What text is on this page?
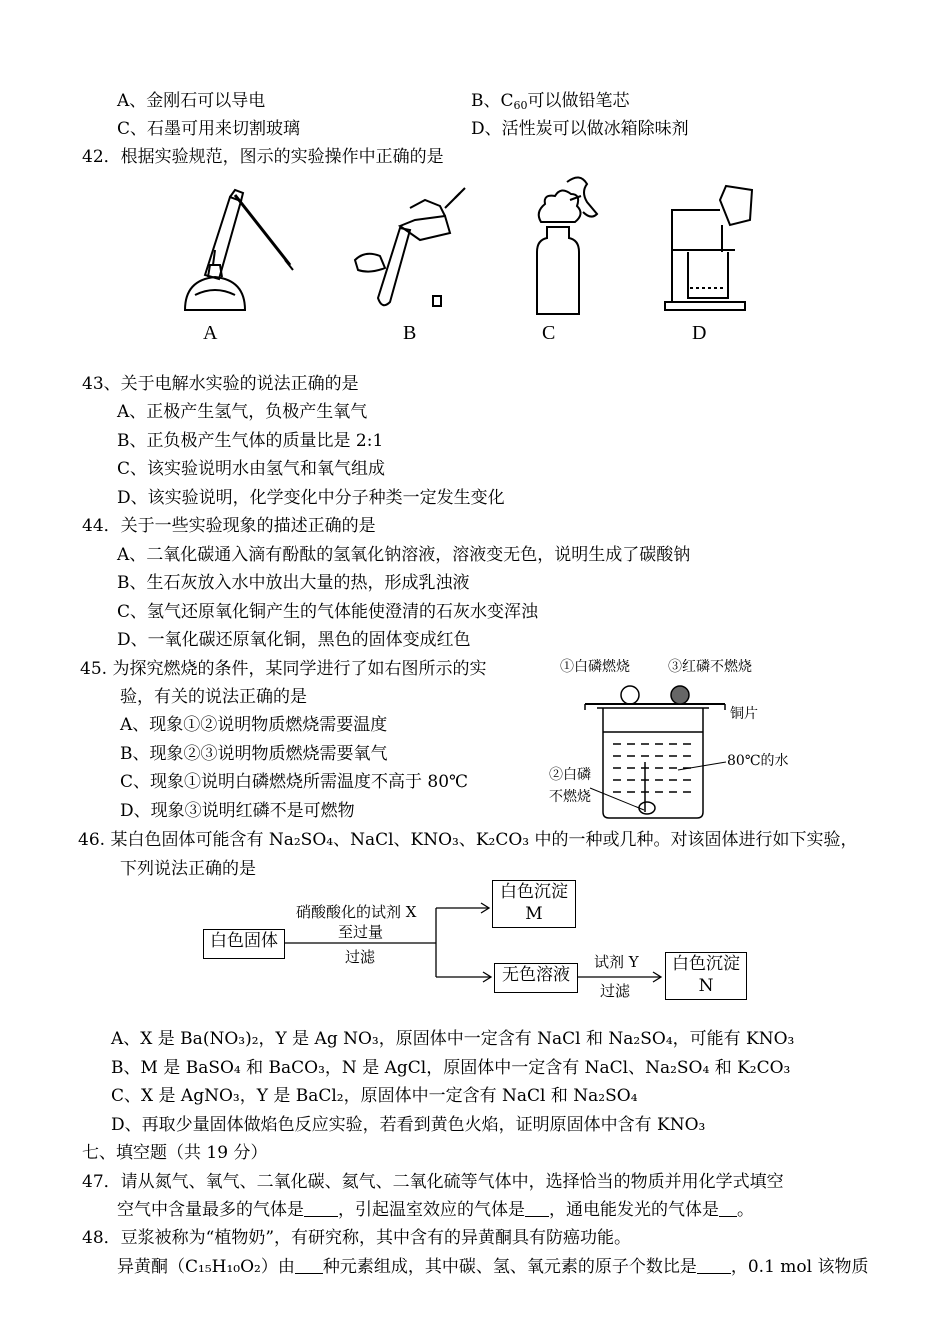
A、金刚石可以导电	B、$C_{60}$可以做铅笔芯
C、石墨可用来切割玻璃	D、活性炭可以做冰箱除味剂
42．根据实验规范，图示的实验操作中正确的是
A	B	C	D
43、关于电解水实验的说法正确的是
A、正极产生氢气，负极产生氧气
B、正负极产生气体的质量比是 2:1
C、该实验说明水由氢气和氧气组成
D、该实验说明，化学变化中分子种类一定发生变化
44．关于一些实验现象的描述正确的是
A、二氧化碳通入滴有酚酞的氢氧化钠溶液，溶液变无色，说明生成了碳酸钠
B、生石灰放入水中放出大量的热，形成乳浊液
C、氢气还原氧化铜产生的气体能使澄清的石灰水变浑浊
D、一氧化碳还原氧化铜，黑色的固体变成红色
45. 为探究燃烧的条件，某同学进行了如右图所示的实
验，有关的说法正确的是
A、现象①②说明物质燃烧需要温度
B、现象②③说明物质燃烧需要氧气
C、现象①说明白磷燃烧所需温度不高于 80℃
D、现象③说明红磷不是可燃物
①白磷燃烧	③红磷不燃烧
铜片
80℃的水
②白磷
不燃烧
46. 某白色固体可能含有 Na₂SO₄、NaCl、KNO₃、K₂CO₃ 中的一种或几种。对该固体进行如下实验，
下列说法正确的是
白色固体
白色沉淀
M
无色溶液
白色沉淀
N
硝酸酸化的试剂 X
至过量
过滤	试剂 Y
过滤
A、X 是 Ba(NO₃)₂，Y 是 Ag NO₃，原固体中一定含有 NaCl 和 Na₂SO₄，可能有 KNO₃
B、M 是 BaSO₄ 和 BaCO₃，N 是 AgCl，原固体中一定含有 NaCl、Na₂SO₄ 和 K₂CO₃
C、X 是 AgNO₃，Y 是 BaCl₂，原固体中一定含有 NaCl 和 Na₂SO₄
D、再取少量固体做焰色反应实验，若看到黄色火焰，证明原固体中含有 KNO₃
七、填空题（共 19 分）
47．请从氮气、氧气、二氧化碳、氦气、二氧化硫等气体中，选择恰当的物质并用化学式填空
空气中含量最多的气体是 ，引起温室效应的气体是 ，通电能发光的气体是 。
48．豆浆被称为“植物奶”，有研究称，其中含有的异黄酮具有防癌功能。
异黄酮（C₁₅H₁₀O₂）由 种元素组成，其中碳、氢、氧元素的原子个数比是 ，0.1 mol 该物质
